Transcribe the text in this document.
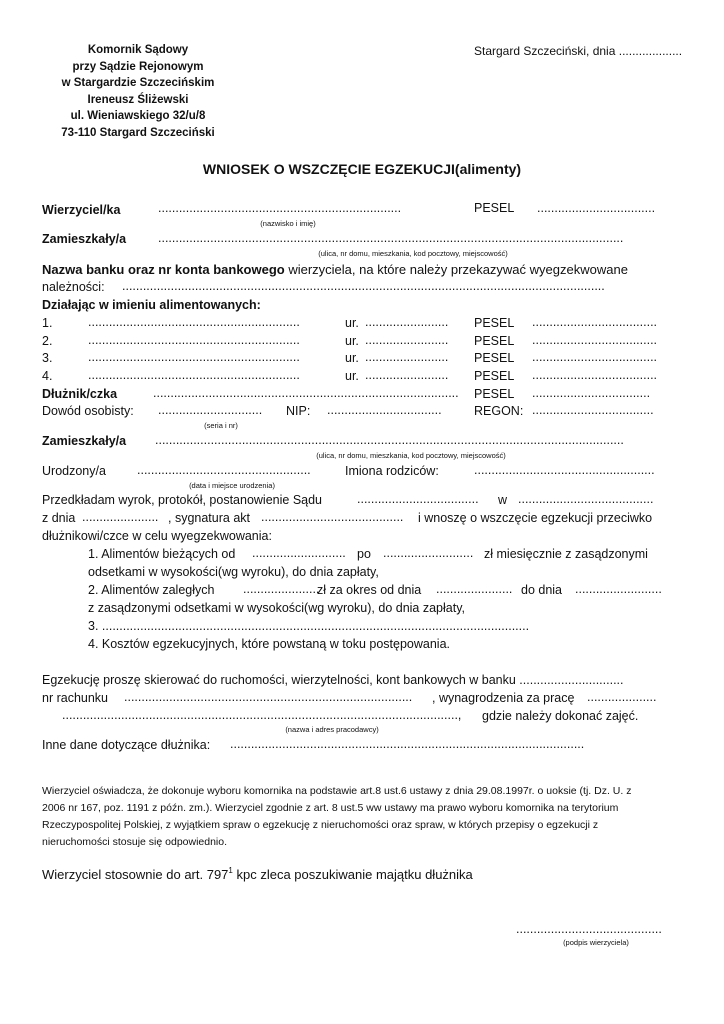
Komornik Sądowy
przy Sądzie Rejonowym
w Stargardzie Szczecińskim
Ireneusz Śliżewski
ul. Wieniawskiego 32/u/8
73-110 Stargard Szczeciński
Stargard Szczeciński, dnia ...................
WNIOSEK O WSZCZĘCIE EGZEKUCJI(alimenty)
Wierzyciel/ka	......................................................................	PESEL ..................................
(nazwisko i imię)
Zamieszkały/a	......................................................................................................................................
(ulica, nr domu, mieszkania, kod pocztowy, miejscowość)
Nazwa banku oraz nr konta bankowego wierzyciela, na które należy przekazywać wyegzekwowane
należności: ...........................................................................................................................................
Działając w imieniu alimentowanych:
1.	.............................................................	ur. ........................ PESEL ....................................
2.	.............................................................	ur. ........................ PESEL ....................................
3.	.............................................................	ur. ........................ PESEL ....................................
4.	.............................................................	ur. ........................ PESEL ....................................
Dłużnik/czka	........................................................................................ PESEL ..................................
Dowód osobisty: .............................. NIP: .................................	REGON: ...................................
(seria i nr)
Zamieszkały/a .......................................................................................................................................
(ulica, nr domu, mieszkania, kod pocztowy, miejscowość)
Urodzony/a ..................................................	Imiona rodziców:	....................................................
(data i miejsce urodzenia)
Przedkładam wyrok, protokół, postanowienie Sądu	................................... w .......................................
z dnia ...................... , sygnatura akt ......................................... i wnoszę o wszczęcie egzekucji przeciwko
dłużnikowi/czce w celu wyegzekwowania:
1. Alimentów bieżących od ........................... po .......................... zł miesięcznie z zasądzonymi
odsetkami w wysokości(wg wyroku), do dnia zapłaty,
2. Alimentów zaległych ......................
zł za okres od dnia ...................... do dnia .........................
z zasądzonymi odsetkami w wysokości(wg wyroku), do dnia zapłaty,
3. ...........................................................................................................................
4. Kosztów egzekucyjnych, które powstaną w toku postępowania.
Egzekucję proszę skierować do ruchomości, wierzytelności, kont bankowych w banku ..............................
nr rachunku ................................................................................... , wynagrodzenia za pracę ....................
.................................................................................................................., gdzie należy dokonać zajęć.
(nazwa i adres pracodawcy)
Inne dane dotyczące dłużnika: ......................................................................................................
Wierzyciel oświadcza, że dokonuje wyboru komornika na podstawie art.8 ust.6 ustawy z dnia 29.08.1997r. o uoksie (tj. Dz. U. z
2006 nr 167, poz. 1191 z późn. zm.). Wierzyciel zgodnie z art. 8 ust.5 ww ustawy ma prawo wyboru komornika na terytorium
Rzeczypospolitej Polskiej, z wyjątkiem spraw o egzekucję z nieruchomości oraz spraw, w których przepisy o egzekucji z
nieruchomości stosuje się odpowiednio.
Wierzyciel stosownie do art. $797^1$ kpc zleca poszukiwanie majątku dłużnika
..........................................
(podpis wierzyciela)
